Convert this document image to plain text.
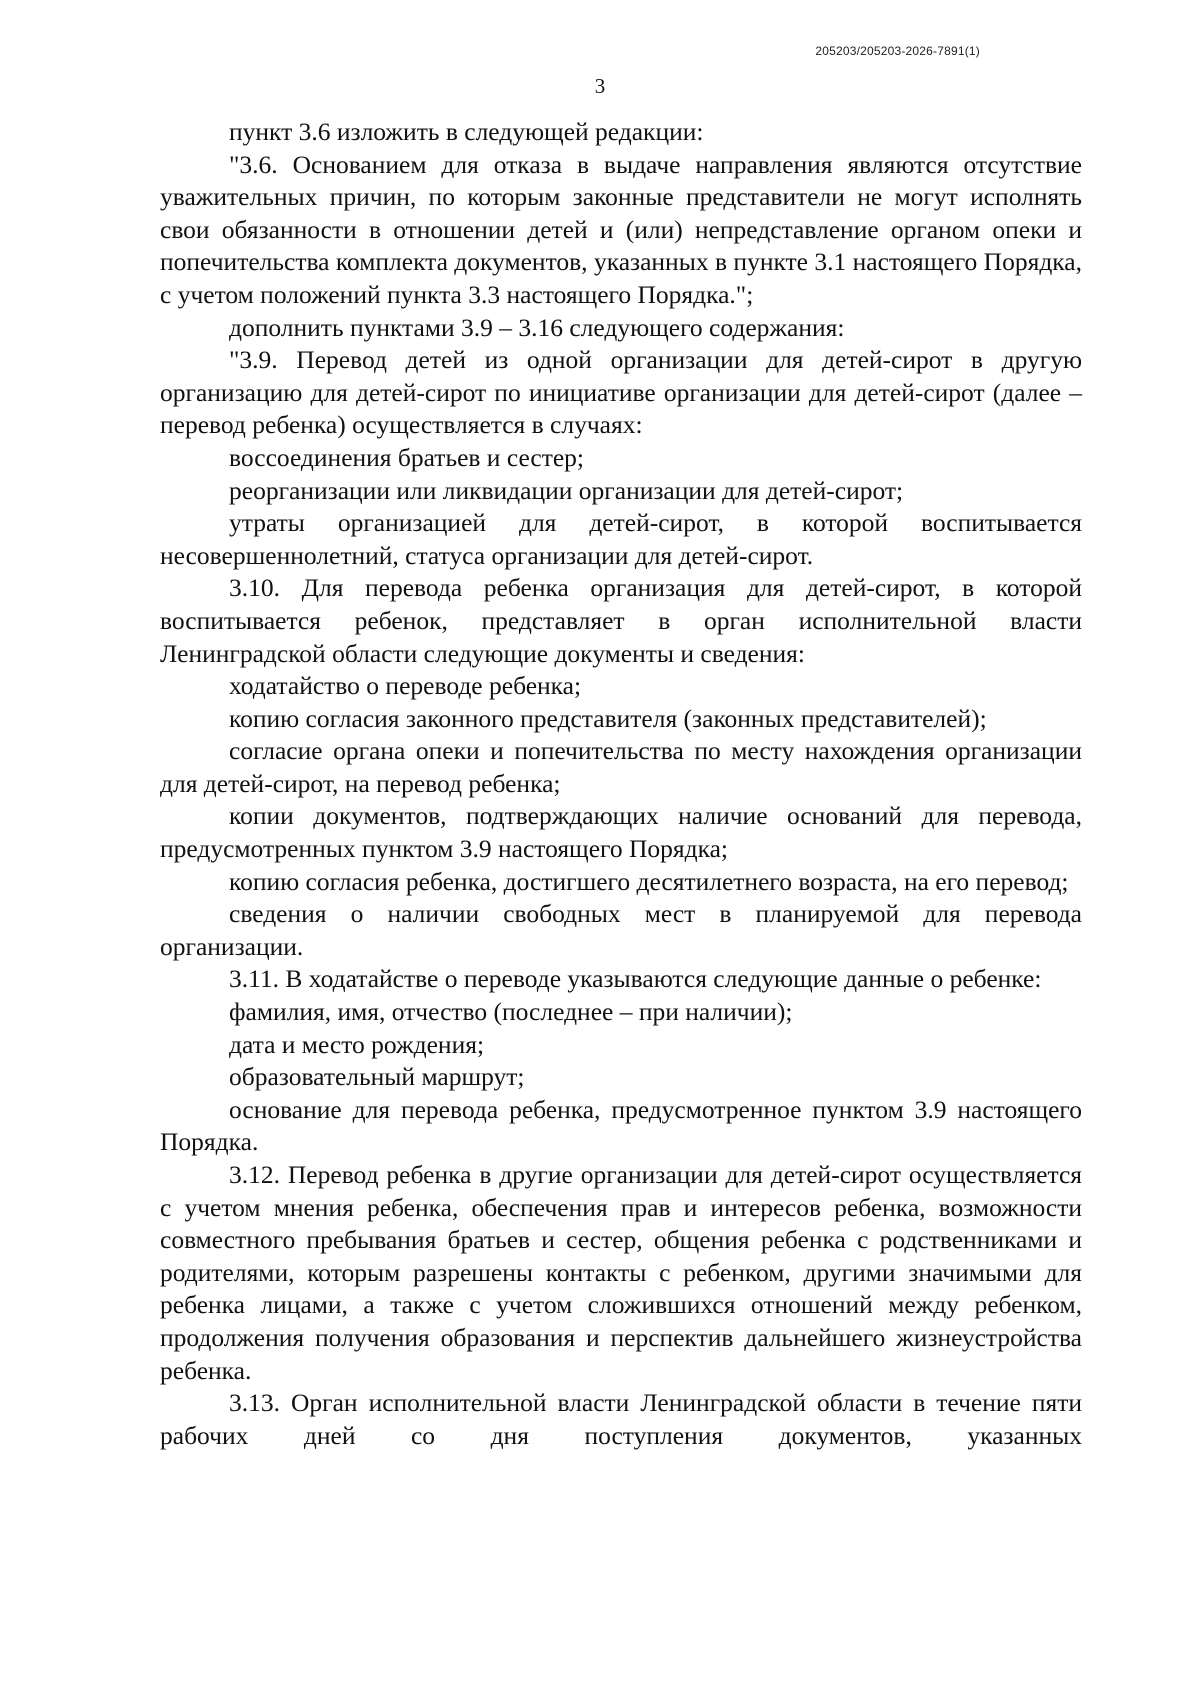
205203/205203-2026-7891(1)
3

пункт 3.6 изложить в следующей редакции:

"3.6. Основанием для отказа в выдаче направления являются отсутствие уважительных причин, по которым законные представители не могут исполнять свои обязанности в отношении детей и (или) непредставление органом опеки и попечительства комплекта документов, указанных в пункте 3.1 настоящего Порядка, с учетом положений пункта 3.3 настоящего Порядка.";

дополнить пунктами 3.9 – 3.16 следующего содержания:

"3.9. Перевод детей из одной организации для детей-сирот в другую организацию для детей-сирот по инициативе организации для детей-сирот (далее – перевод ребенка) осуществляется в случаях:

воссоединения братьев и сестер;

реорганизации или ликвидации организации для детей-сирот;

утраты организацией для детей-сирот, в которой воспитывается несовершеннолетний, статуса организации для детей-сирот.

3.10. Для перевода ребенка организация для детей-сирот, в которой воспитывается ребенок, представляет в орган исполнительной власти Ленинградской области следующие документы и сведения:

ходатайство о переводе ребенка;

копию согласия законного представителя (законных представителей);

согласие органа опеки и попечительства по месту нахождения организации для детей-сирот, на перевод ребенка;

копии документов, подтверждающих наличие оснований для перевода, предусмотренных пунктом 3.9 настоящего Порядка;

копию согласия ребенка, достигшего десятилетнего возраста, на его перевод;

сведения о наличии свободных мест в планируемой для перевода организации.

3.11. В ходатайстве о переводе указываются следующие данные о ребенке:

фамилия, имя, отчество (последнее – при наличии);

дата и место рождения;

образовательный маршрут;

основание для перевода ребенка, предусмотренное пунктом 3.9 настоящего Порядка.

3.12. Перевод ребенка в другие организации для детей-сирот осуществляется с учетом мнения ребенка, обеспечения прав и интересов ребенка, возможности совместного пребывания братьев и сестер, общения ребенка с родственниками и родителями, которым разрешены контакты с ребенком, другими значимыми для ребенка лицами, а также с учетом сложившихся отношений между ребенком, продолжения получения образования и перспектив дальнейшего жизнеустройства ребенка.

3.13. Орган исполнительной власти Ленинградской области в течение пяти рабочих дней со дня поступления документов, указанных
